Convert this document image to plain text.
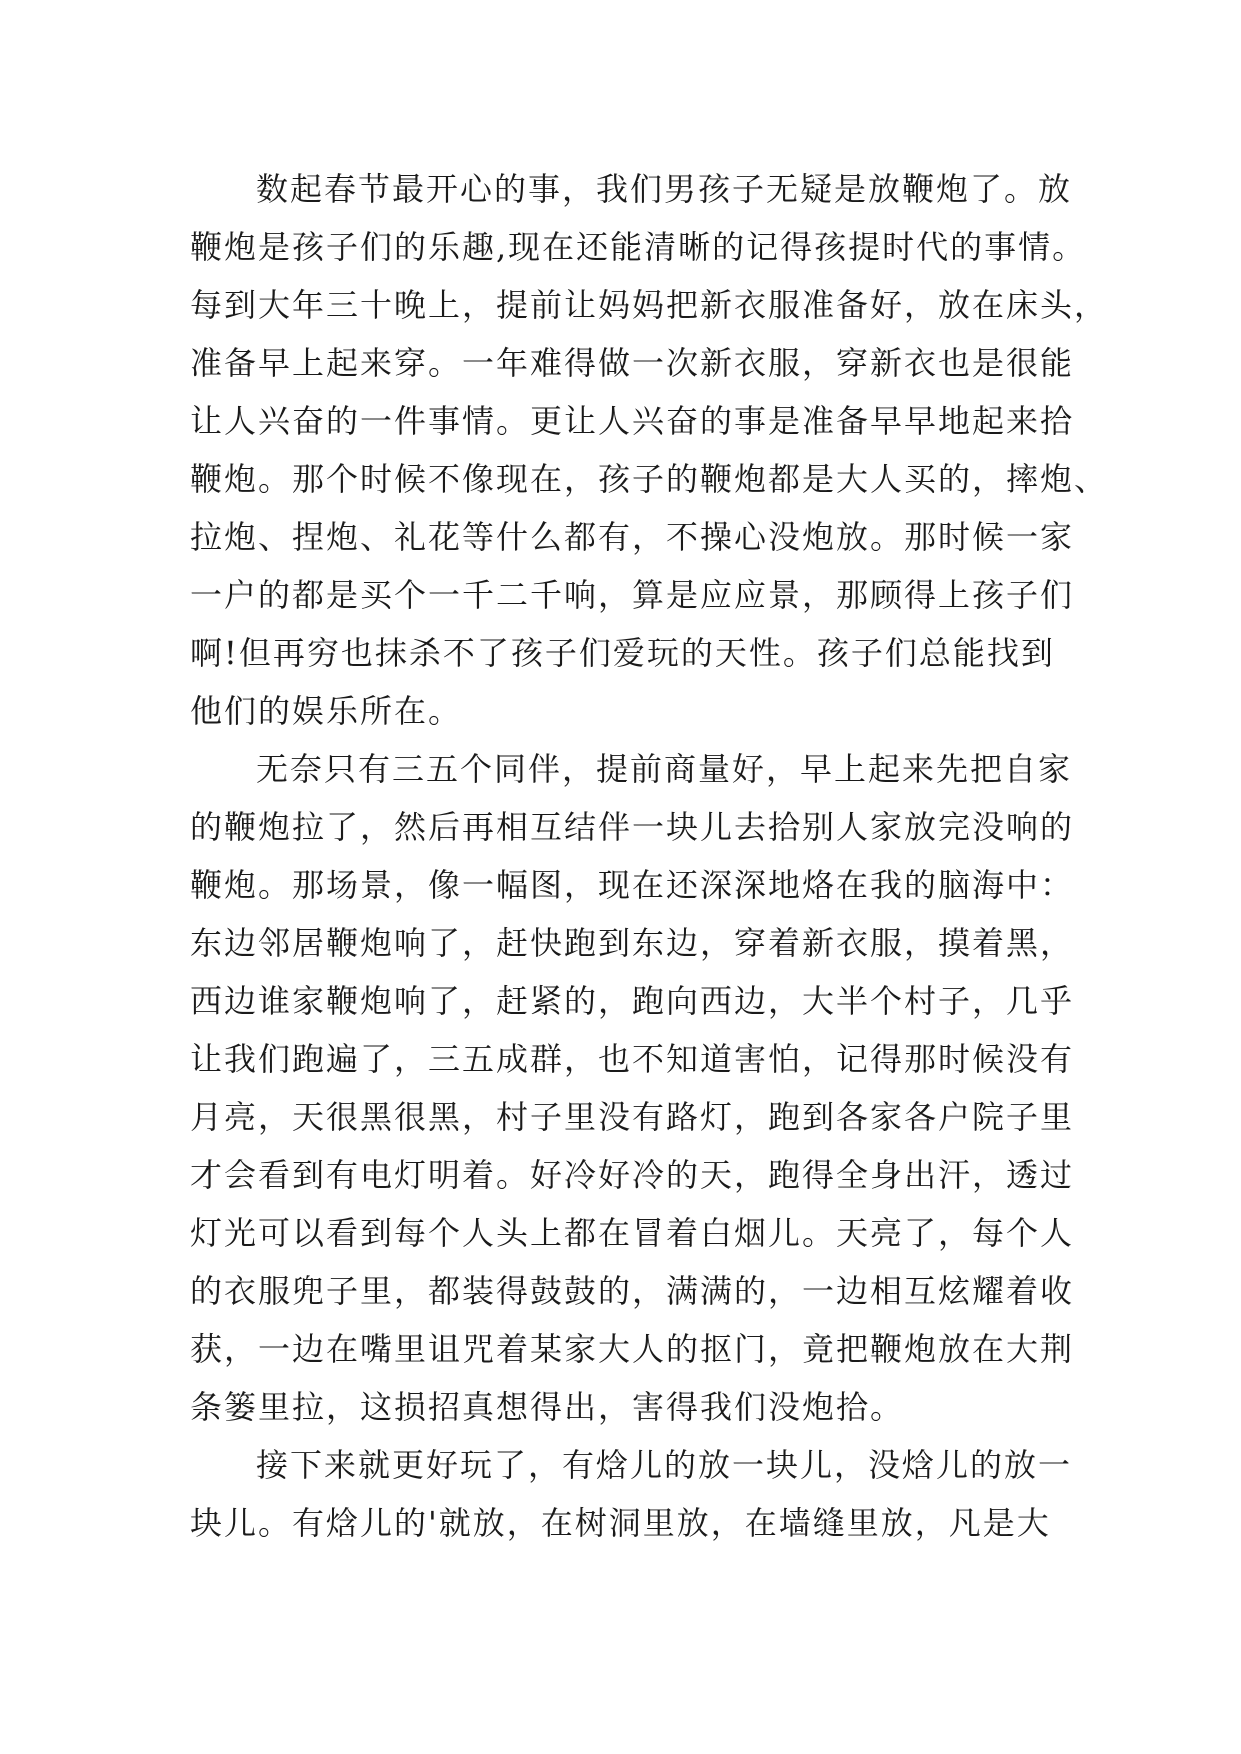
数起春节最开心的事，我们男孩子无疑是放鞭炮了。放
鞭炮是孩子们的乐趣,现在还能清晰的记得孩提时代的事情。
每到大年三十晚上，提前让妈妈把新衣服准备好，放在床头，
准备早上起来穿。一年难得做一次新衣服，穿新衣也是很能
让人兴奋的一件事情。更让人兴奋的事是准备早早地起来拾
鞭炮。那个时候不像现在，孩子的鞭炮都是大人买的，摔炮、
拉炮、捏炮、礼花等什么都有，不操心没炮放。那时候一家
一户的都是买个一千二千响，算是应应景，那顾得上孩子们
啊!但再穷也抹杀不了孩子们爱玩的天性。孩子们总能找到
他们的娱乐所在。
无奈只有三五个同伴，提前商量好，早上起来先把自家
的鞭炮拉了，然后再相互结伴一块儿去拾别人家放完没响的
鞭炮。那场景，像一幅图，现在还深深地烙在我的脑海中：
东边邻居鞭炮响了，赶快跑到东边，穿着新衣服，摸着黑，
西边谁家鞭炮响了，赶紧的，跑向西边，大半个村子，几乎
让我们跑遍了，三五成群，也不知道害怕，记得那时候没有
月亮，天很黑很黑，村子里没有路灯，跑到各家各户院子里
才会看到有电灯明着。好冷好冷的天，跑得全身出汗，透过
灯光可以看到每个人头上都在冒着白烟儿。天亮了，每个人
的衣服兜子里，都装得鼓鼓的，满满的，一边相互炫耀着收
获，一边在嘴里诅咒着某家大人的抠门，竟把鞭炮放在大荆
条篓里拉，这损招真想得出，害得我们没炮拾。
接下来就更好玩了，有焓儿的放一块儿，没焓儿的放一
块儿。有焓儿的'就放，在树洞里放，在墙缝里放，凡是大
